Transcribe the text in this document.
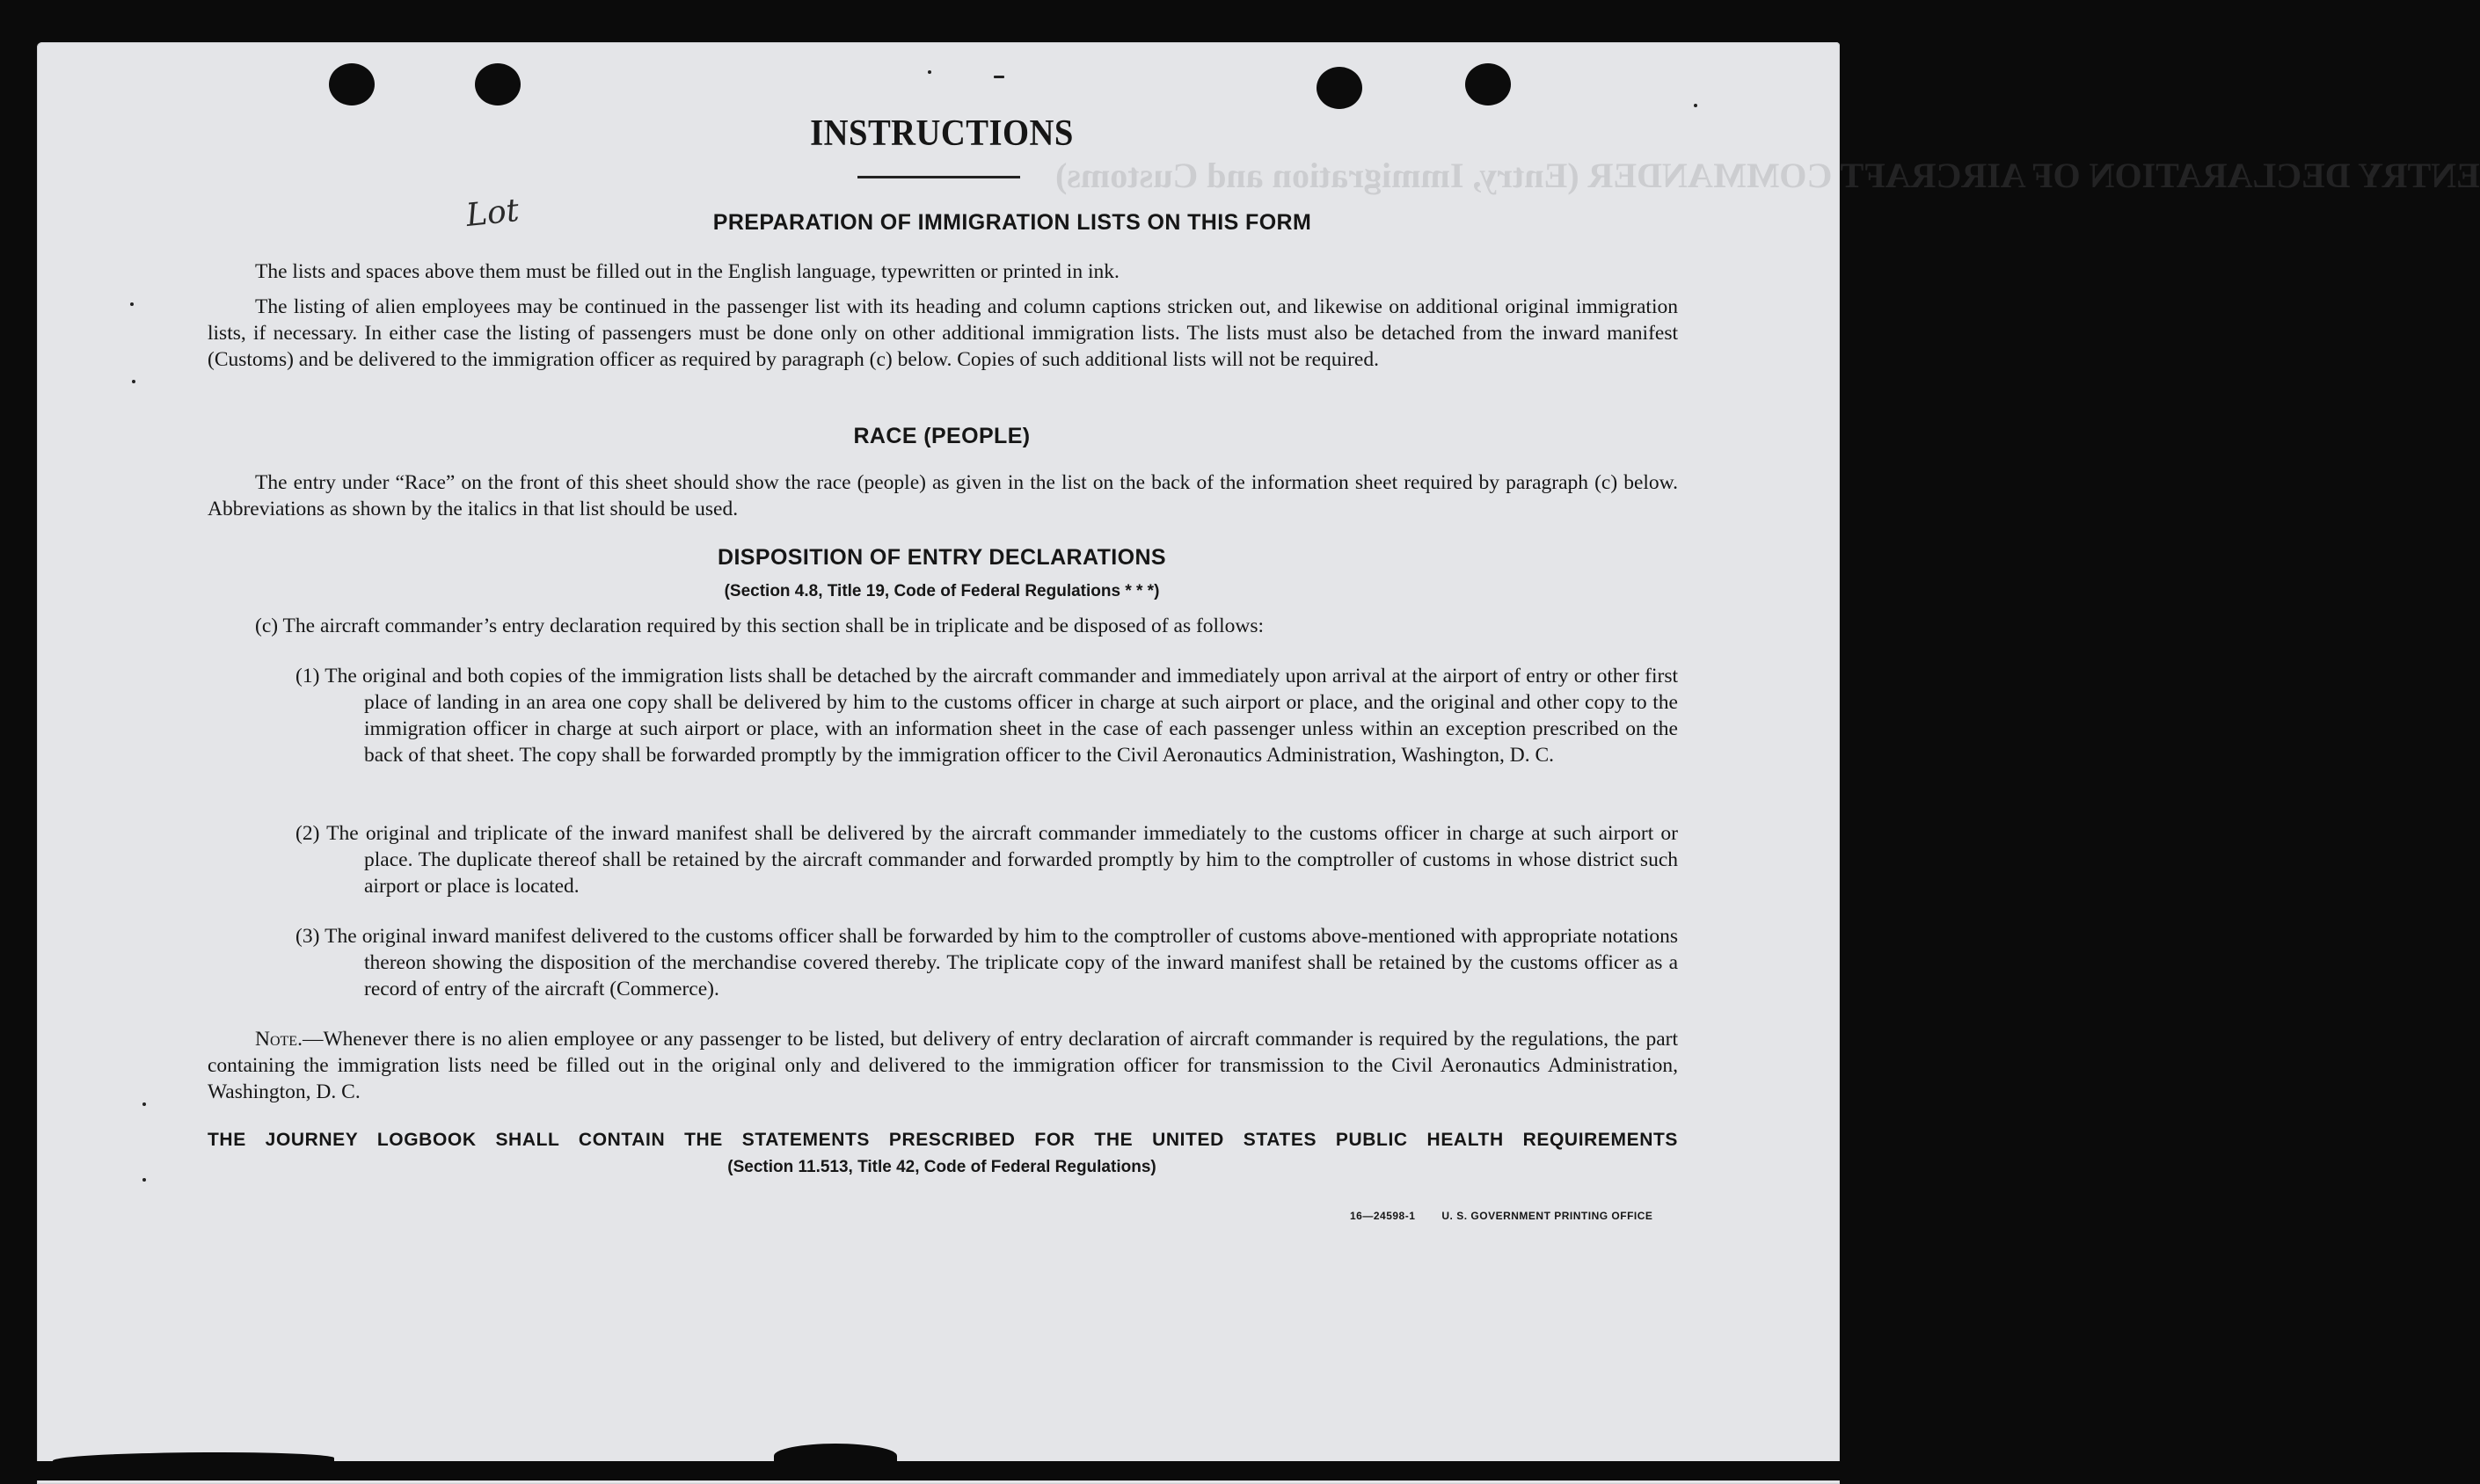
ENTRY DECLARATION OF AIRCRAFT COMMANDER (Entry, Immigration and Customs)
INSTRUCTIONS
Lot	PREPARATION OF IMMIGRATION LISTS ON THIS FORM
The lists and spaces above them must be filled out in the English language, typewritten or printed in ink.
The listing of alien employees may be continued in the passenger list with its heading and column captions stricken out, and likewise on additional original immigration lists, if necessary. In either case the listing of passengers must be done only on other additional immigration lists. The lists must also be detached from the inward manifest (Customs) and be delivered to the immigration officer as required by paragraph (c) below. Copies of such additional lists will not be required.
RACE (PEOPLE)
The entry under “Race” on the front of this sheet should show the race (people) as given in the list on the back of the information sheet required by paragraph (c) below. Abbreviations as shown by the italics in that list should be used.
DISPOSITION OF ENTRY DECLARATIONS
(Section 4.8, Title 19, Code of Federal Regulations * * *)
(c) The aircraft commander’s entry declaration required by this section shall be in triplicate and be disposed of as follows:
(1) The original and both copies of the immigration lists shall be detached by the aircraft commander and immediately upon arrival at the airport of entry or other first place of landing in an area one copy shall be delivered by him to the customs officer in charge at such airport or place, and the original and other copy to the immigration officer in charge at such airport or place, with an information sheet in the case of each passenger unless within an exception prescribed on the back of that sheet. The copy shall be forwarded promptly by the immigration officer to the Civil Aeronautics Administration, Washington, D. C.
(2) The original and triplicate of the inward manifest shall be delivered by the aircraft commander immediately to the customs officer in charge at such airport or place. The duplicate thereof shall be retained by the aircraft commander and forwarded promptly by him to the comptroller of customs in whose district such airport or place is located.
(3) The original inward manifest delivered to the customs officer shall be forwarded by him to the comptroller of customs above-mentioned with appropriate notations thereon showing the disposition of the merchandise covered thereby. The triplicate copy of the inward manifest shall be retained by the customs officer as a record of entry of the aircraft (Commerce).
Note.—Whenever there is no alien employee or any passenger to be listed, but delivery of entry declaration of aircraft commander is required by the regulations, the part containing the immigration lists need be filled out in the original only and delivered to the immigration officer for transmission to the Civil Aeronautics Administration, Washington, D. C.
THE JOURNEY LOGBOOK SHALL CONTAIN THE STATEMENTS PRESCRIBED FOR THE UNITED STATES PUBLIC HEALTH REQUIREMENTS
(Section 11.513, Title 42, Code of Federal Regulations)
16—24598-1	U. S. GOVERNMENT PRINTING OFFICE
